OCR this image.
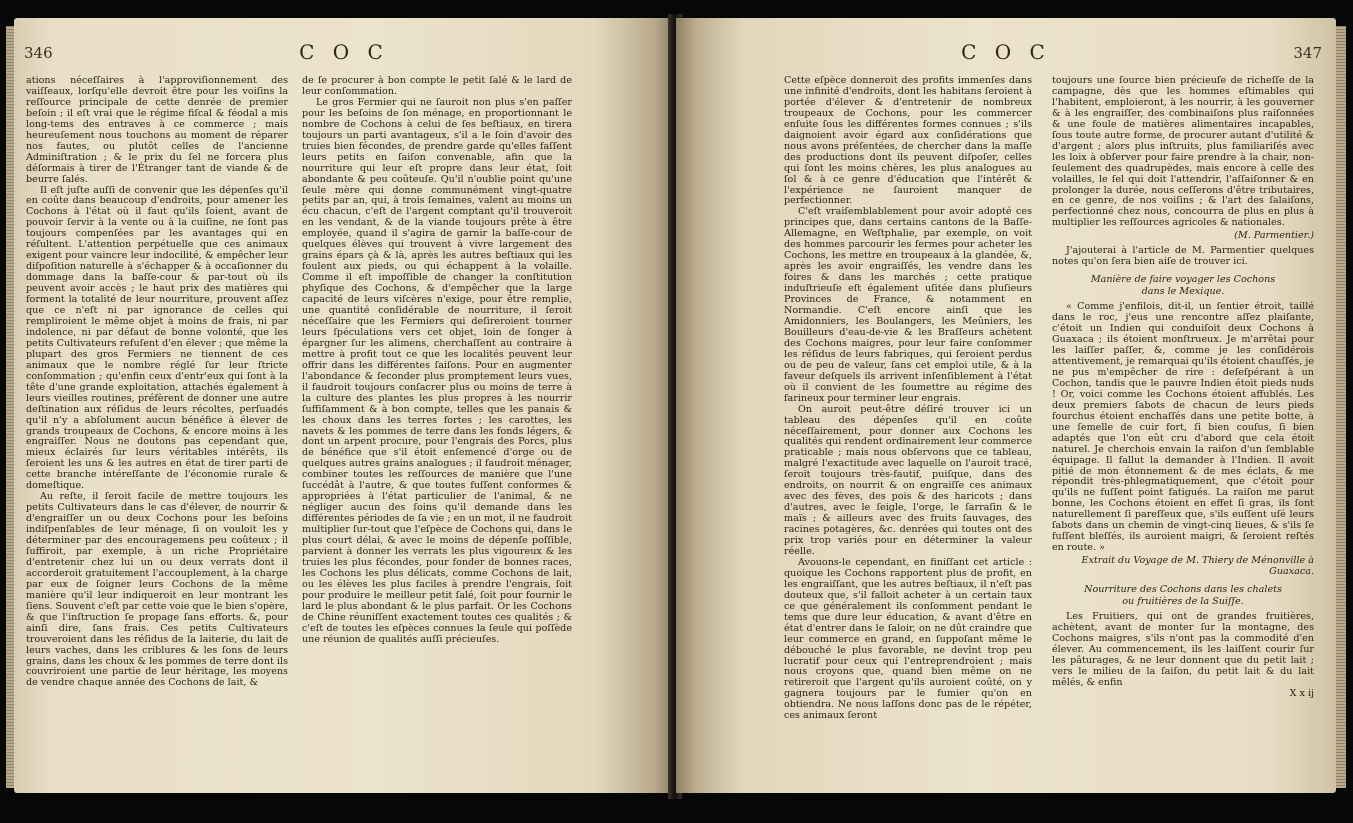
346	C O C

ations néceſſaires à l'approviſionnement des vaiſſeaux, lorſqu'elle devroit être pour les voiſins la reſſource principale de cette denrée de premier beſoin ; il eſt vrai que le régime fiſcal & féodal a mis long-tems des entraves à ce commerce ; mais heureuſement nous touchons au moment de réparer nos fautes, ou plutôt celles de l'ancienne Adminiſtration ; & le prix du ſel ne forcera plus déſormais à tirer de l'Étranger tant de viande & de beurre ſalés.

Il eſt juſte auſſi de convenir que les dépenſes qu'il en coûte dans beaucoup d'endroits, pour amener les Cochons à l'état où il faut qu'ils ſoient, avant de pouvoir ſervir à la vente ou à la cuiſine, ne ſont pas toujours compenſées par les avantages qui en réſultent. L'attention perpétuelle que ces animaux exigent pour vaincre leur indocilité, & empêcher leur diſpoſition naturelle à s'échapper & à occaſionner du dommage dans la baſſe-cour & par-tout où ils peuvent avoir accès ; le haut prix des matières qui forment la totalité de leur nourriture, prouvent aſſez que ce n'eſt ni par ignorance de celles qui rempliroient le même objet à moins de frais, ni par indolence, ni par défaut de bonne volonté, que les petits Cultivateurs refuſent d'en élever ; que même la plupart des gros Fermiers ne tiennent de ces animaux que le nombre réglé ſur leur ſtricte conſommation ; qu'enfin ceux d'entr'eux qui ſont à la tête d'une grande exploitation, attachés également à leurs vieilles routines, préfèrent de donner une autre deſtination aux réſidus de leurs récoltes, perſuadés qu'il n'y a abſolument aucun bénéfice à élever de grands troupeaux de Cochons, & encore moins à les engraiſſer. Nous ne doutons pas cependant que, mieux éclairés ſur leurs véritables intérêts, ils ſeroient les uns & les autres en état de tirer parti de cette branche intéreſſante de l'économie rurale & domeſtique.

Au reſte, il ſeroit facile de mettre toujours les petits Cultivateurs dans le cas d'élever, de nourrir & d'engraiſſer un ou deux Cochons pour les beſoins indiſpenſables de leur ménage, ſi on vouloit les y déterminer par des encouragemens peu coûteux ; il ſuffiroit, par exemple, à un riche Propriétaire d'entretenir chez lui un ou deux verrats dont il accorderoit gratuitement l'accouplement, à la charge par eux de ſoigner leurs Cochons de la même manière qu'il leur indiqueroit en leur montrant les ſiens. Souvent c'eſt par cette voie que le bien s'opère, & que l'inſtruction ſe propage ſans efforts. &, pour ainſi dire, ſans frais. Ces petits Cultivateurs trouveroient dans les réſidus de la laiterie, du lait de leurs vaches, dans les criblures & les ſons de leurs grains, dans les choux & les pommes de terre dont ils couvriroient une partie de leur héritage, les moyens de vendre chaque année des Cochons de lait, &

de ſe procurer à bon compte le petit ſalé & le lard de leur conſommation.

Le gros Fermier qui ne ſauroit non plus s'en paſſer pour les beſoins de ſon ménage, en proportionnant le nombre de Cochons à celui de ſes beſtiaux, en tirera toujours un parti avantageux, s'il a le ſoin d'avoir des truies bien fécondes, de prendre garde qu'elles faſſent leurs petits en ſaiſon convenable, afin que la nourriture qui leur eſt propre dans leur état, ſoit abondante & peu coûteuſe. Qu'il n'oublie point qu'une ſeule mère qui donne communément vingt-quatre petits par an, qui, à trois ſemaines, valent au moins un écu chacun, c'eſt de l'argent comptant qu'il trouveroit en les vendant, & de la viande toujours prête à être employée, quand il s'agira de garnir la baſſe-cour de quelques élèves qui trouvent à vivre largement des grains épars çà & là, après les autres beſtiaux qui les foulent aux pieds, ou qui échappent à la volaille. Comme il eſt impoſſible de changer la conſtitution phyſique des Cochons, & d'empêcher que la large capacité de leurs viſcères n'exige, pour être remplie, une quantité conſidérable de nourriture, il ſeroit néceſſaire que les Fermiers qui deſireroient tourner leurs ſpéculations vers cet objet, loin de ſonger à épargner ſur les alimens, cherchaſſent au contraire à mettre à profit tout ce que les localités peuvent leur offrir dans les différentes ſaiſons. Pour en augmenter l'abondance & ſeconder plus promptement leurs vues, il faudroit toujours conſacrer plus ou moins de terre à la culture des plantes les plus propres à les nourrir ſuffiſamment & à bon compte, telles que les panais & les choux dans les terres fortes ; les carottes, les navets & les pommes de terre dans les fonds légers, & dont un arpent procure, pour l'engrais des Porcs, plus de bénéfice que s'il étoit enſemencé d'orge ou de quelques autres grains analogues ; il faudroit ménager, combiner toutes les reſſources de manière que l'une ſuccédât à l'autre, & que toutes fuſſent conformes & appropriées à l'état particulier de l'animal, & ne négliger aucun des ſoins qu'il demande dans les différentes périodes de ſa vie ; en un mot, il ne faudroit multiplier ſur-tout que l'eſpèce de Cochons qui, dans le plus court délai, & avec le moins de dépenſe poſſible, parvient à donner les verrats les plus vigoureux & les truies les plus fécondes, pour fonder de bonnes races, les Cochons les plus délicats, comme Cochons de lait, ou les élèves les plus faciles à prendre l'engrais, ſoit pour produire le meilleur petit ſalé, ſoit pour fournir le lard le plus abondant & le plus parfait. Or les Cochons de Chine réuniſſent exactement toutes ces qualités ; & c'eſt de toutes les eſpèces connues la ſeule qui poſſède une réunion de qualités auſſi précieuſes.

C O C	347

Cette eſpèce donneroit des profits immenſes dans une infinité d'endroits, dont les habitans ſeroient à portée d'élever & d'entretenir de nombreux troupeaux de Cochons, pour les commercer enſuite ſous les différentes formes connues ; s'ils daignoient avoir égard aux conſidérations que nous avons préſentées, de chercher dans la maſſe des productions dont ils peuvent diſpoſer, celles qui ſont les moins chères, les plus analogues au ſol & à ce genre d'éducation que l'intérêt & l'expérience ne ſauroient manquer de perfectionner.

C'eſt vraiſemblablement pour avoir adopté ces principes que, dans certains cantons de la Baſſe-Allemagne, en Weſtphalie, par exemple, on voit des hommes parcourir les fermes pour acheter les Cochons, les mettre en troupeaux à la glandée, &, après les avoir engraiſſés, les vendre dans les foires & dans les marchés ; cette pratique induſtrieuſe eſt également uſitée dans pluſieurs Provinces de France, & notamment en Normandie. C'eſt encore ainſi que les Amidonniers, les Boulangers, les Meûniers, les Bouilleurs d'eau-de-vie & les Braſſeurs achètent des Cochons maigres, pour leur faire conſommer les réſidus de leurs fabriques, qui ſeroient perdus ou de peu de valeur, ſans cet emploi utile, & à la faveur deſquels ils arrivent inſenſiblement à l'état où il convient de les ſoumettre au régime des farineux pour terminer leur engrais.

On auroit peut-être déſiré trouver ici un tableau des dépenſes qu'il en coûte néceſſairement, pour donner aux Cochons les qualités qui rendent ordinairement leur commerce praticable ; mais nous obſervons que ce tableau, malgré l'exactitude avec laquelle on l'auroit tracé, ſeroit toujours très-fautif, puiſque, dans des endroits, on nourrit & on engraiſſe ces animaux avec des fèves, des pois & des haricots ; dans d'autres, avec le ſeigle, l'orge, le ſarraſin & le maïs ; & ailleurs avec des fruits ſauvages, des racines potagères, &c. denrées qui toutes ont des prix trop variés pour en déterminer la valeur réelle.

Avouons-le cependant, en finiſſant cet article : quoique les Cochons rapportent plus de profit, en les engraiſſant, que les autres beſtiaux, il n'eſt pas douteux que, s'il falloit acheter à un certain taux ce que généralement ils conſomment pendant le tems que dure leur éducation, & avant d'être en état d'entrer dans le ſaloir, on ne dût craindre que leur commerce en grand, en ſuppoſant même le débouché le plus favorable, ne devînt trop peu lucratif pour ceux qui l'entreprendroient ; mais nous croyons que, quand bien même on ne retireroit que l'argent qu'ils auroient coûté, on y gagnera toujours par le fumier qu'on en obtiendra. Ne nous laſſons donc pas de le répéter, ces animaux ſeront

toujours une ſource bien précieuſe de richeſſe de la campagne, dès que les hommes eſtimables qui l'habitent, emploieront, à les nourrir, à les gouverner & à les engraiſſer, des combinaiſons plus raiſonnées & une foule de matières alimentaires incapables, ſous toute autre forme, de procurer autant d'utilité & d'argent ; alors plus inſtruits, plus familiariſés avec les loix à obſerver pour faire prendre à la chair, non-ſeulement des quadrupèdes, mais encore à celle des volailles, le ſel qui doit l'attendrir, l'aſſaiſonner & en prolonger la durée, nous ceſſerons d'être tributaires, en ce genre, de nos voiſins ; & l'art des ſalaiſons, perfectionné chez nous, concourra de plus en plus à multiplier les reſſources agricoles & nationales.

(M. Parmentier.)

J'ajouterai à l'article de M. Parmentier quelques notes qu'on ſera bien aiſe de trouver ici.

Manière de faire voyager les Cochons
dans le Mexique.

« Comme j'enfilois, dit-il, un ſentier étroit, taillé dans le roc, j'eus une rencontre aſſez plaiſante, c'étoit un Indien qui conduiſoit deux Cochons à Guaxaca ; ils étoient monſtrueux. Je m'arrêtai pour les laiſſer paſſer, &, comme je les conſidérois attentivement, je remarquai qu'ils étoient chauſſés, je ne pus m'empêcher de rire : deſeſpérant à un Cochon, tandis que le pauvre Indien étoit pieds nuds ! Or, voici comme les Cochons étoient affublés. Les deux premiers ſabots de chacun de leurs pieds fourchus étoient enchaſſés dans une petite botte, à une ſemelle de cuir fort, ſi bien couſus, ſi bien adaptés que l'on eût cru d'abord que cela étoit naturel. Je cherchois envain la raiſon d'un ſemblable équipage. Il fallut la demander à l'Indien. Il avoit pitié de mon étonnement & de mes éclats, & me répondit très-phlegmatiquement, que c'étoit pour qu'ils ne fuſſent point fatigués. La raiſon me parut bonne, les Cochons étoient en effet ſi gras, ils ſont naturellement ſi pareſſeux que, s'ils euſſent uſé leurs ſabots dans un chemin de vingt-cinq lieues, & s'ils ſe fuſſent bleſſés, ils auroient maigri, & ſeroient reſtés en route. »

Extrait du Voyage de M. Thiery de Ménonville à Guaxaca.

Nourriture des Cochons dans les chalets
ou fruitières de la Suiſſe.

Les Fruitiers, qui ont de grandes fruitières, achètent, avant de monter ſur la montagne, des Cochons maigres, s'ils n'ont pas la commodité d'en élever. Au commencement, ils les laiſſent courir ſur les pâturages, & ne leur donnent que du petit lait ; vers le milieu de la ſaiſon, du petit lait & du lait mêlés, & enfin

X x ij
